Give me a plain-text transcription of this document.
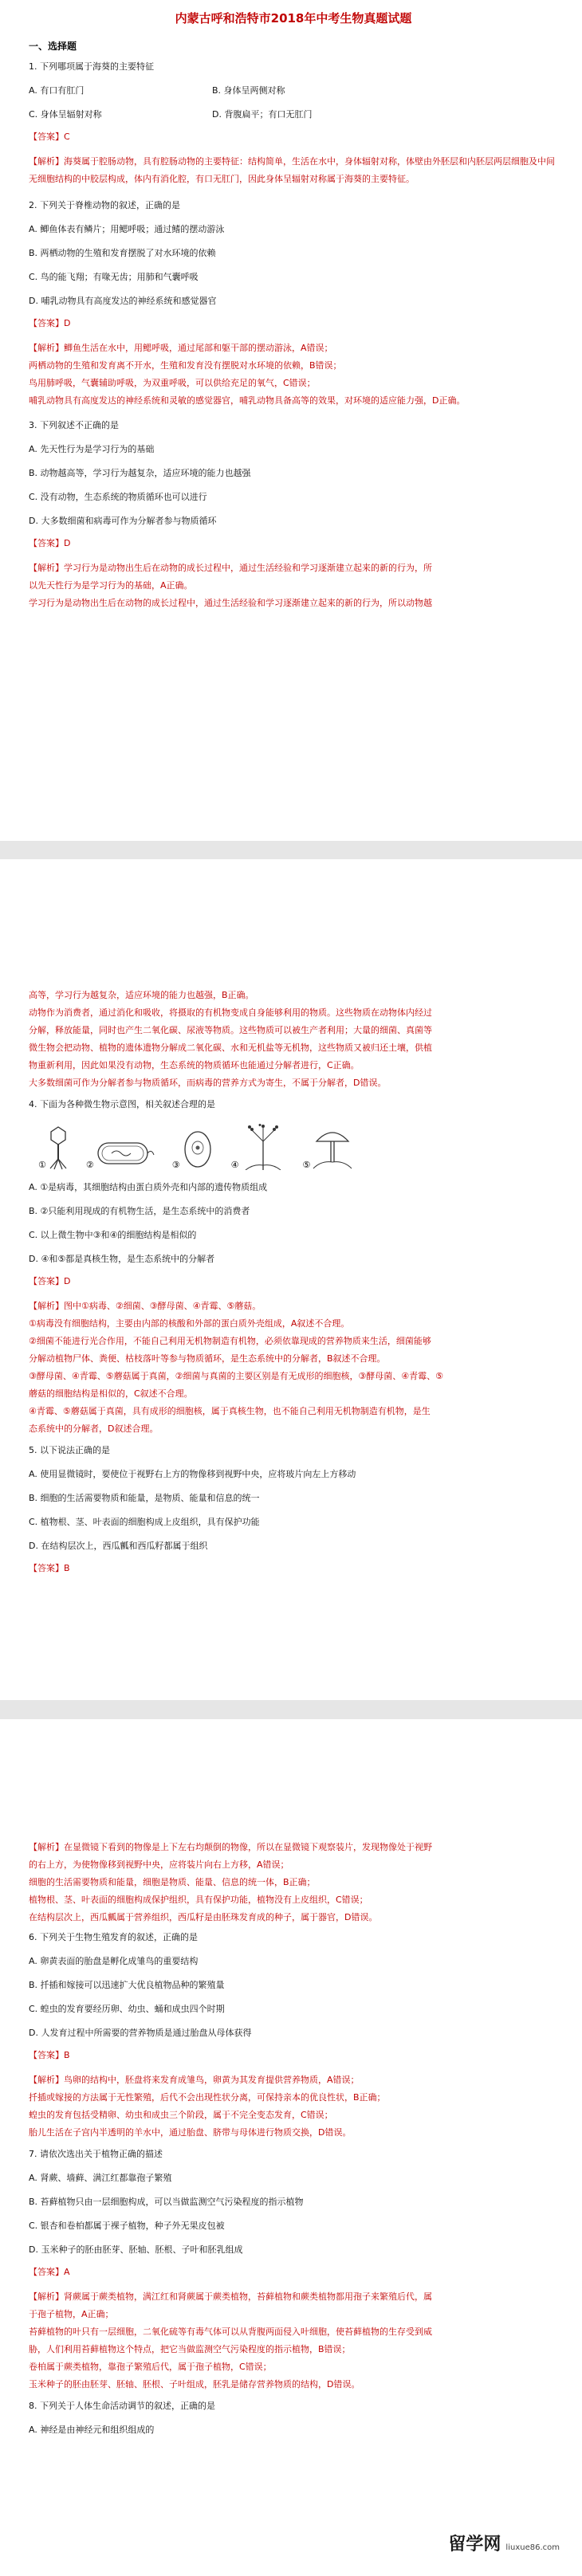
内蒙古呼和浩特市2018年中考生物真题试题
一、选择题

1. 下列哪项属于海葵的主要特征

A. 有口有肛门	B. 身体呈两侧对称

C. 身体呈辐射对称	D. 背腹扁平；有口无肛门

【答案】C

【解析】海葵属于腔肠动物，具有腔肠动物的主要特征：结构简单，生活在水中，身体辐射对称，体壁由外胚层和内胚层两层细胞及中间无细胞结构的中胶层构成，体内有消化腔，有口无肛门，因此身体呈辐射对称属于海葵的主要特征。

2. 下列关于脊椎动物的叙述，正确的是

A. 鲫鱼体表有鳞片；用鳃呼吸；通过鳍的摆动游泳

B. 两栖动物的生殖和发育摆脱了对水环境的依赖

C. 鸟的能飞翔；有喙无齿；用肺和气囊呼吸

D. 哺乳动物具有高度发达的神经系统和感觉器官

【答案】D

【解析】鲫鱼生活在水中，用鳃呼吸，通过尾部和躯干部的摆动游泳，A错误；

两栖动物的生殖和发育离不开水，生殖和发育没有摆脱对水环境的依赖，B错误；

鸟用肺呼吸，气囊辅助呼吸，为双重呼吸，可以供给充足的氧气，C错误；

哺乳动物具有高度发达的神经系统和灵敏的感觉器官，哺乳动物具备高等的效果，对环境的适应能力强，D正确。

3. 下列叙述不正确的是

A. 先天性行为是学习行为的基础

B. 动物越高等，学习行为越复杂，适应环境的能力也越强

C. 没有动物，生态系统的物质循环也可以进行

D. 大多数细菌和病毒可作为分解者参与物质循环

【答案】D

【解析】学习行为是动物出生后在动物的成长过程中，通过生活经验和学习逐渐建立起来的新的行为，所

以先天性行为是学习行为的基础，A正确。

学习行为是动物出生后在动物的成长过程中，通过生活经验和学习逐渐建立起来的新的行为，所以动物越

高等，学习行为越复杂，适应环境的能力也越强，B正确。

动物作为消费者，通过消化和吸收，将摄取的有机物变成自身能够利用的物质。这些物质在动物体内经过

分解，释放能量，同时也产生二氧化碳、尿液等物质。这些物质可以被生产者利用；大量的细菌、真菌等

微生物会把动物、植物的遗体遗物分解成二氧化碳、水和无机盐等无机物，这些物质又被归还土壤，供植

物重新利用，因此如果没有动物，生态系统的物质循环也能通过分解者进行，C正确。

大多数细菌可作为分解者参与物质循环，而病毒的营养方式为寄生，不属于分解者，D错误。

4. 下面为各种微生物示意图，相关叙述合理的是

①	②	③	④	⑤

A. ①是病毒，其细胞结构由蛋白质外壳和内部的遗传物质组成

B. ②只能利用现成的有机物生活，是生态系统中的消费者

C. 以上微生物中③和④的细胞结构是相似的

D. ④和⑤都是真核生物，是生态系统中的分解者

【答案】D

【解析】图中①病毒、②细菌、③酵母菌、④青霉、⑤蘑菇。

①病毒没有细胞结构，主要由内部的核酸和外部的蛋白质外壳组成，A叙述不合理。

②细菌不能进行光合作用，不能自己利用无机物制造有机物，必须依靠现成的营养物质来生活，细菌能够

分解动植物尸体、粪便、枯枝落叶等参与物质循环，是生态系统中的分解者，B叙述不合理。

③酵母菌、④青霉、⑤蘑菇属于真菌，②细菌与真菌的主要区别是有无成形的细胞核，③酵母菌、④青霉、⑤

蘑菇的细胞结构是相似的，C叙述不合理。

④青霉、⑤蘑菇属于真菌，具有成形的细胞核，属于真核生物，也不能自己利用无机物制造有机物，是生

态系统中的分解者，D叙述合理。

5. 以下说法正确的是

A. 使用显微镜时，要使位于视野右上方的物像移到视野中央，应将玻片向左上方移动

B. 细胞的生活需要物质和能量，是物质、能量和信息的统一

C. 植物根、茎、叶表面的细胞构成上皮组织，具有保护功能

D. 在结构层次上，西瓜瓤和西瓜籽都属于组织

【答案】B

【解析】在显微镜下看到的物像是上下左右均颠倒的物像，所以在显微镜下观察装片，发现物像处于视野

的右上方，为使物像移到视野中央，应将装片向右上方移，A错误；

细胞的生活需要物质和能量，细胞是物质、能量、信息的统一体，B正确；

植物根、茎、叶表面的细胞构成保护组织，具有保护功能，植物没有上皮组织，C错误；

在结构层次上，西瓜瓤属于营养组织，西瓜籽是由胚珠发育成的种子，属于器官，D错误。

6. 下列关于生物生殖发育的叙述，正确的是

A. 卵黄表面的胎盘是孵化成雏鸟的重要结构

B. 扦插和嫁接可以迅速扩大优良植物品种的繁殖量

C. 蝗虫的发育要经历卵、幼虫、蛹和成虫四个时期

D. 人发育过程中所需要的营养物质是通过胎盘从母体获得

【答案】B

【解析】鸟卵的结构中，胚盘将来发育成雏鸟，卵黄为其发育提供营养物质，A错误；

扦插或嫁接的方法属于无性繁殖，后代不会出现性状分离，可保持亲本的优良性状，B正确；

蝗虫的发育包括受精卵、幼虫和成虫三个阶段，属于不完全变态发育，C错误；

胎儿生活在子宫内半透明的羊水中，通过胎盘、脐带与母体进行物质交换，D错误。

7. 请依次选出关于植物正确的描述

A. 肾蕨、墙藓、满江红都靠孢子繁殖

B. 苔藓植物只由一层细胞构成，可以当做监测空气污染程度的指示植物

C. 银杏和卷柏都属于裸子植物，种子外无果皮包被

D. 玉米种子的胚由胚芽、胚轴、胚根、子叶和胚乳组成

【答案】A

【解析】肾蕨属于蕨类植物，满江红和肾蕨属于蕨类植物，苔藓植物和蕨类植物都用孢子来繁殖后代，属

于孢子植物，A正确；

苔藓植物的叶只有一层细胞，二氧化硫等有毒气体可以从背腹两面侵入叶细胞，使苔藓植物的生存受到威

胁，人们利用苔藓植物这个特点，把它当做监测空气污染程度的指示植物，B错误；

卷柏属于蕨类植物，靠孢子繁殖后代，属于孢子植物，C错误；

玉米种子的胚由胚芽、胚轴、胚根、子叶组成，胚乳是储存营养物质的结构，D错误。

8. 下列关于人体生命活动调节的叙述，正确的是

A. 神经是由神经元和组织组成的

留学网 liuxue86.com
